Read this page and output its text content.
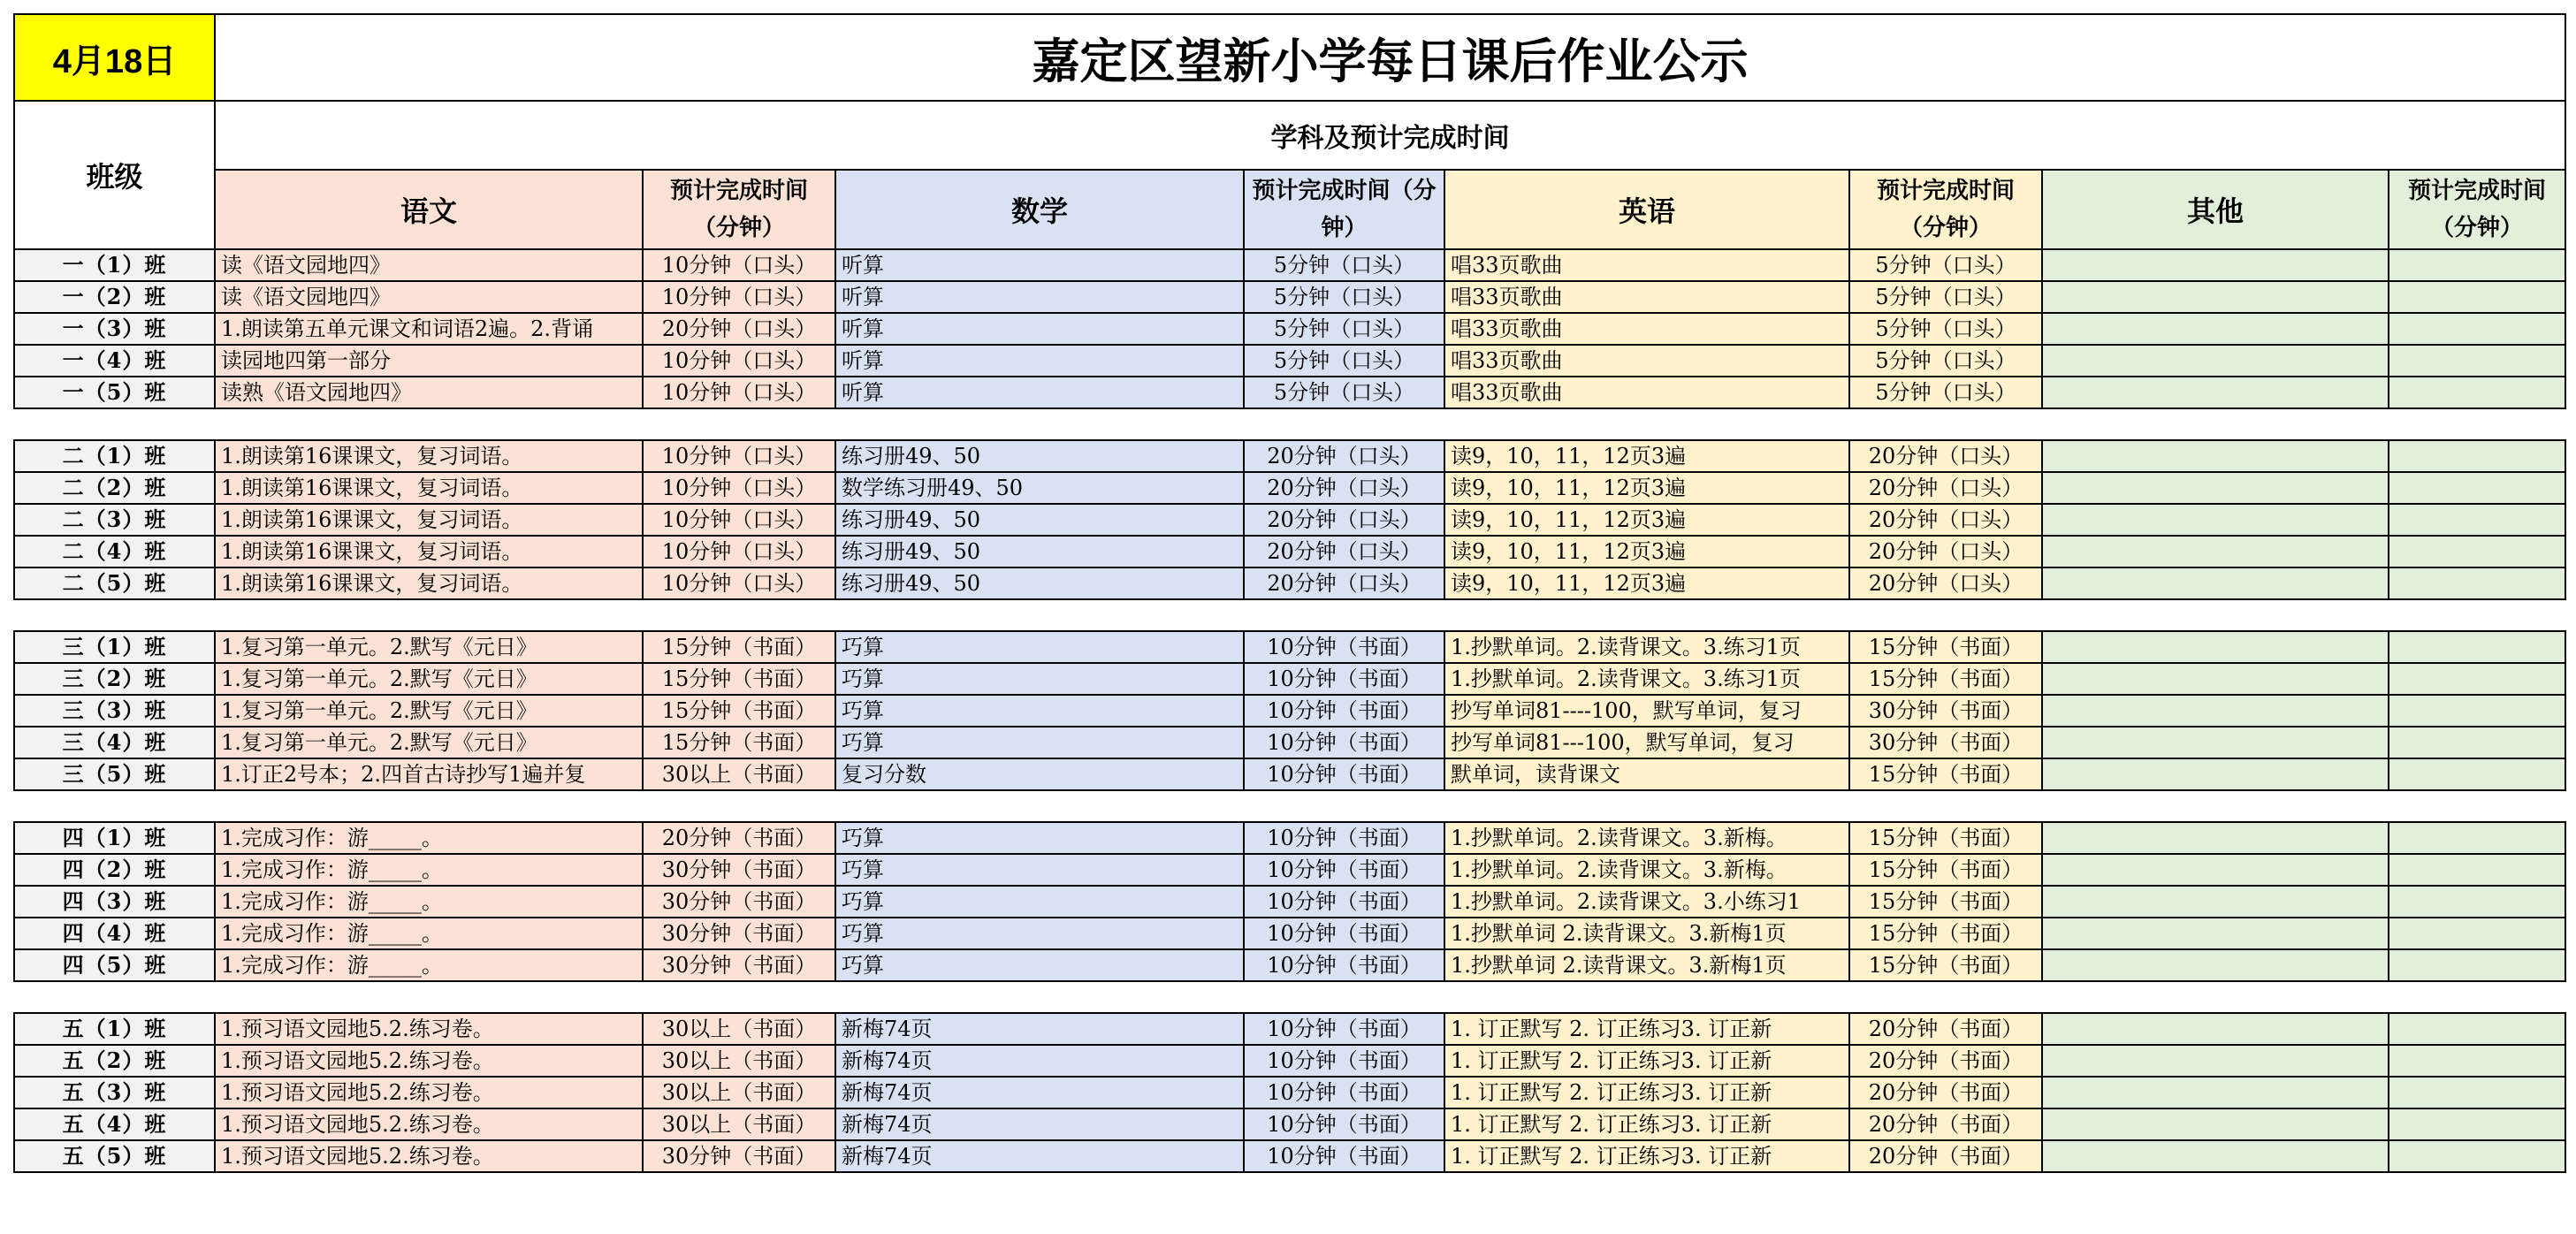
4月18日	嘉定区望新小学每日课后作业公示							
班级	学科及预计完成时间							
	语文	预计完成时间（分钟）	数学	预计完成时间（分钟）	英语	预计完成时间（分钟）	其他	预计完成时间（分钟）
一（1）班	读《语文园地四》	10分钟（口头）	听算	5分钟（口头）	唱33页歌曲	5分钟（口头）		
一（2）班	读《语文园地四》	10分钟（口头）	听算	5分钟（口头）	唱33页歌曲	5分钟（口头）		
一（3）班	1.朗读第五单元课文和词语2遍。2.背诵	20分钟（口头）	听算	5分钟（口头）	唱33页歌曲	5分钟（口头）		
一（4）班	读园地四第一部分	10分钟（口头）	听算	5分钟（口头）	唱33页歌曲	5分钟（口头）		
一（5）班	读熟《语文园地四》	10分钟（口头）	听算	5分钟（口头）	唱33页歌曲	5分钟（口头）		

二（1）班	1.朗读第16课课文，复习词语。	10分钟（口头）	练习册49、50	20分钟（口头）	读9，10，11，12页3遍	20分钟（口头）		
二（2）班	1.朗读第16课课文，复习词语。	10分钟（口头）	数学练习册49、50	20分钟（口头）	读9，10，11，12页3遍	20分钟（口头）		
二（3）班	1.朗读第16课课文，复习词语。	10分钟（口头）	练习册49、50	20分钟（口头）	读9，10，11，12页3遍	20分钟（口头）		
二（4）班	1.朗读第16课课文，复习词语。	10分钟（口头）	练习册49、50	20分钟（口头）	读9，10，11，12页3遍	20分钟（口头）		
二（5）班	1.朗读第16课课文，复习词语。	10分钟（口头）	练习册49、50	20分钟（口头）	读9，10，11，12页3遍	20分钟（口头）		

三（1）班	1.复习第一单元。2.默写《元日》	15分钟（书面）	巧算	10分钟（书面）	1.抄默单词。2.读背课文。3.练习1页	15分钟（书面）		
三（2）班	1.复习第一单元。2.默写《元日》	15分钟（书面）	巧算	10分钟（书面）	1.抄默单词。2.读背课文。3.练习1页	15分钟（书面）		
三（3）班	1.复习第一单元。2.默写《元日》	15分钟（书面）	巧算	10分钟（书面）	抄写单词81----100，默写单词，复习	30分钟（书面）		
三（4）班	1.复习第一单元。2.默写《元日》	15分钟（书面）	巧算	10分钟（书面）	抄写单词81---100，默写单词，复习	30分钟（书面）		
三（5）班	1.订正2号本；2.四首古诗抄写1遍并复	30以上（书面）	复习分数	10分钟（书面）	默单词，读背课文	15分钟（书面）		

四（1）班	1.完成习作：游_____。	20分钟（书面）	巧算	10分钟（书面）	1.抄默单词。2.读背课文。3.新梅。	15分钟（书面）		
四（2）班	1.完成习作：游_____。	30分钟（书面）	巧算	10分钟（书面）	1.抄默单词。2.读背课文。3.新梅。	15分钟（书面）		
四（3）班	1.完成习作：游_____。	30分钟（书面）	巧算	10分钟（书面）	1.抄默单词。2.读背课文。3.小练习1	15分钟（书面）		
四（4）班	1.完成习作：游_____。	30分钟（书面）	巧算	10分钟（书面）	1.抄默单词 2.读背课文。3.新梅1页	15分钟（书面）		
四（5）班	1.完成习作：游_____。	30分钟（书面）	巧算	10分钟（书面）	1.抄默单词 2.读背课文。3.新梅1页	15分钟（书面）		

五（1）班	1.预习语文园地5.2.练习卷。	30以上（书面）	新梅74页	10分钟（书面）	1. 订正默写 2. 订正练习3. 订正新	20分钟（书面）		
五（2）班	1.预习语文园地5.2.练习卷。	30以上（书面）	新梅74页	10分钟（书面）	1. 订正默写 2. 订正练习3. 订正新	20分钟（书面）		
五（3）班	1.预习语文园地5.2.练习卷。	30以上（书面）	新梅74页	10分钟（书面）	1. 订正默写 2. 订正练习3. 订正新	20分钟（书面）		
五（4）班	1.预习语文园地5.2.练习卷。	30以上（书面）	新梅74页	10分钟（书面）	1. 订正默写 2. 订正练习3. 订正新	20分钟（书面）		
五（5）班	1.预习语文园地5.2.练习卷。	30分钟（书面）	新梅74页	10分钟（书面）	1. 订正默写 2. 订正练习3. 订正新	20分钟（书面）		
